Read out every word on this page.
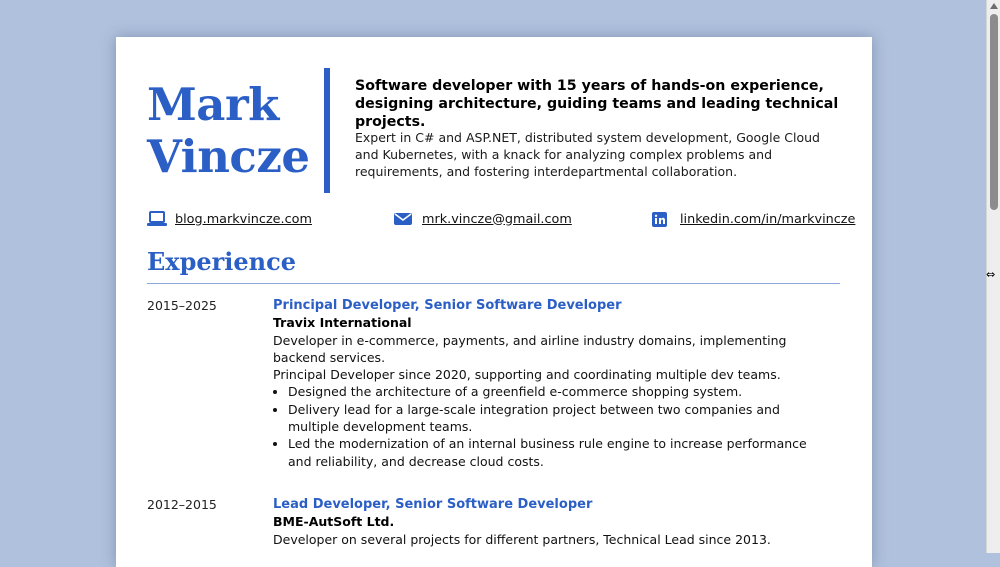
Mark
Vincze
Software developer with 15 years of hands-on experience, designing architecture, guiding teams and leading technical projects.
Expert in C# and ASP.NET, distributed system development, Google Cloud and Kubernetes, with a knack for analyzing complex problems and requirements, and fostering interdepartmental collaboration.
blog.markvincze.com	mrk.vincze@gmail.com	linkedin.com/in/markvincze
Experience
2015–2025	Principal Developer, Senior Software Developer
Travix International
Developer in e-commerce, payments, and airline industry domains, implementing backend services.
Principal Developer since 2020, supporting and coordinating multiple dev teams.
• Designed the architecture of a greenfield e-commerce shopping system.
• Delivery lead for a large-scale integration project between two companies and multiple development teams.
• Led the modernization of an internal business rule engine to increase performance and reliability, and decrease cloud costs.
2012–2015	Lead Developer, Senior Software Developer
BME-AutSoft Ltd.
Developer on several projects for different partners, Technical Lead since 2013.
⇔
